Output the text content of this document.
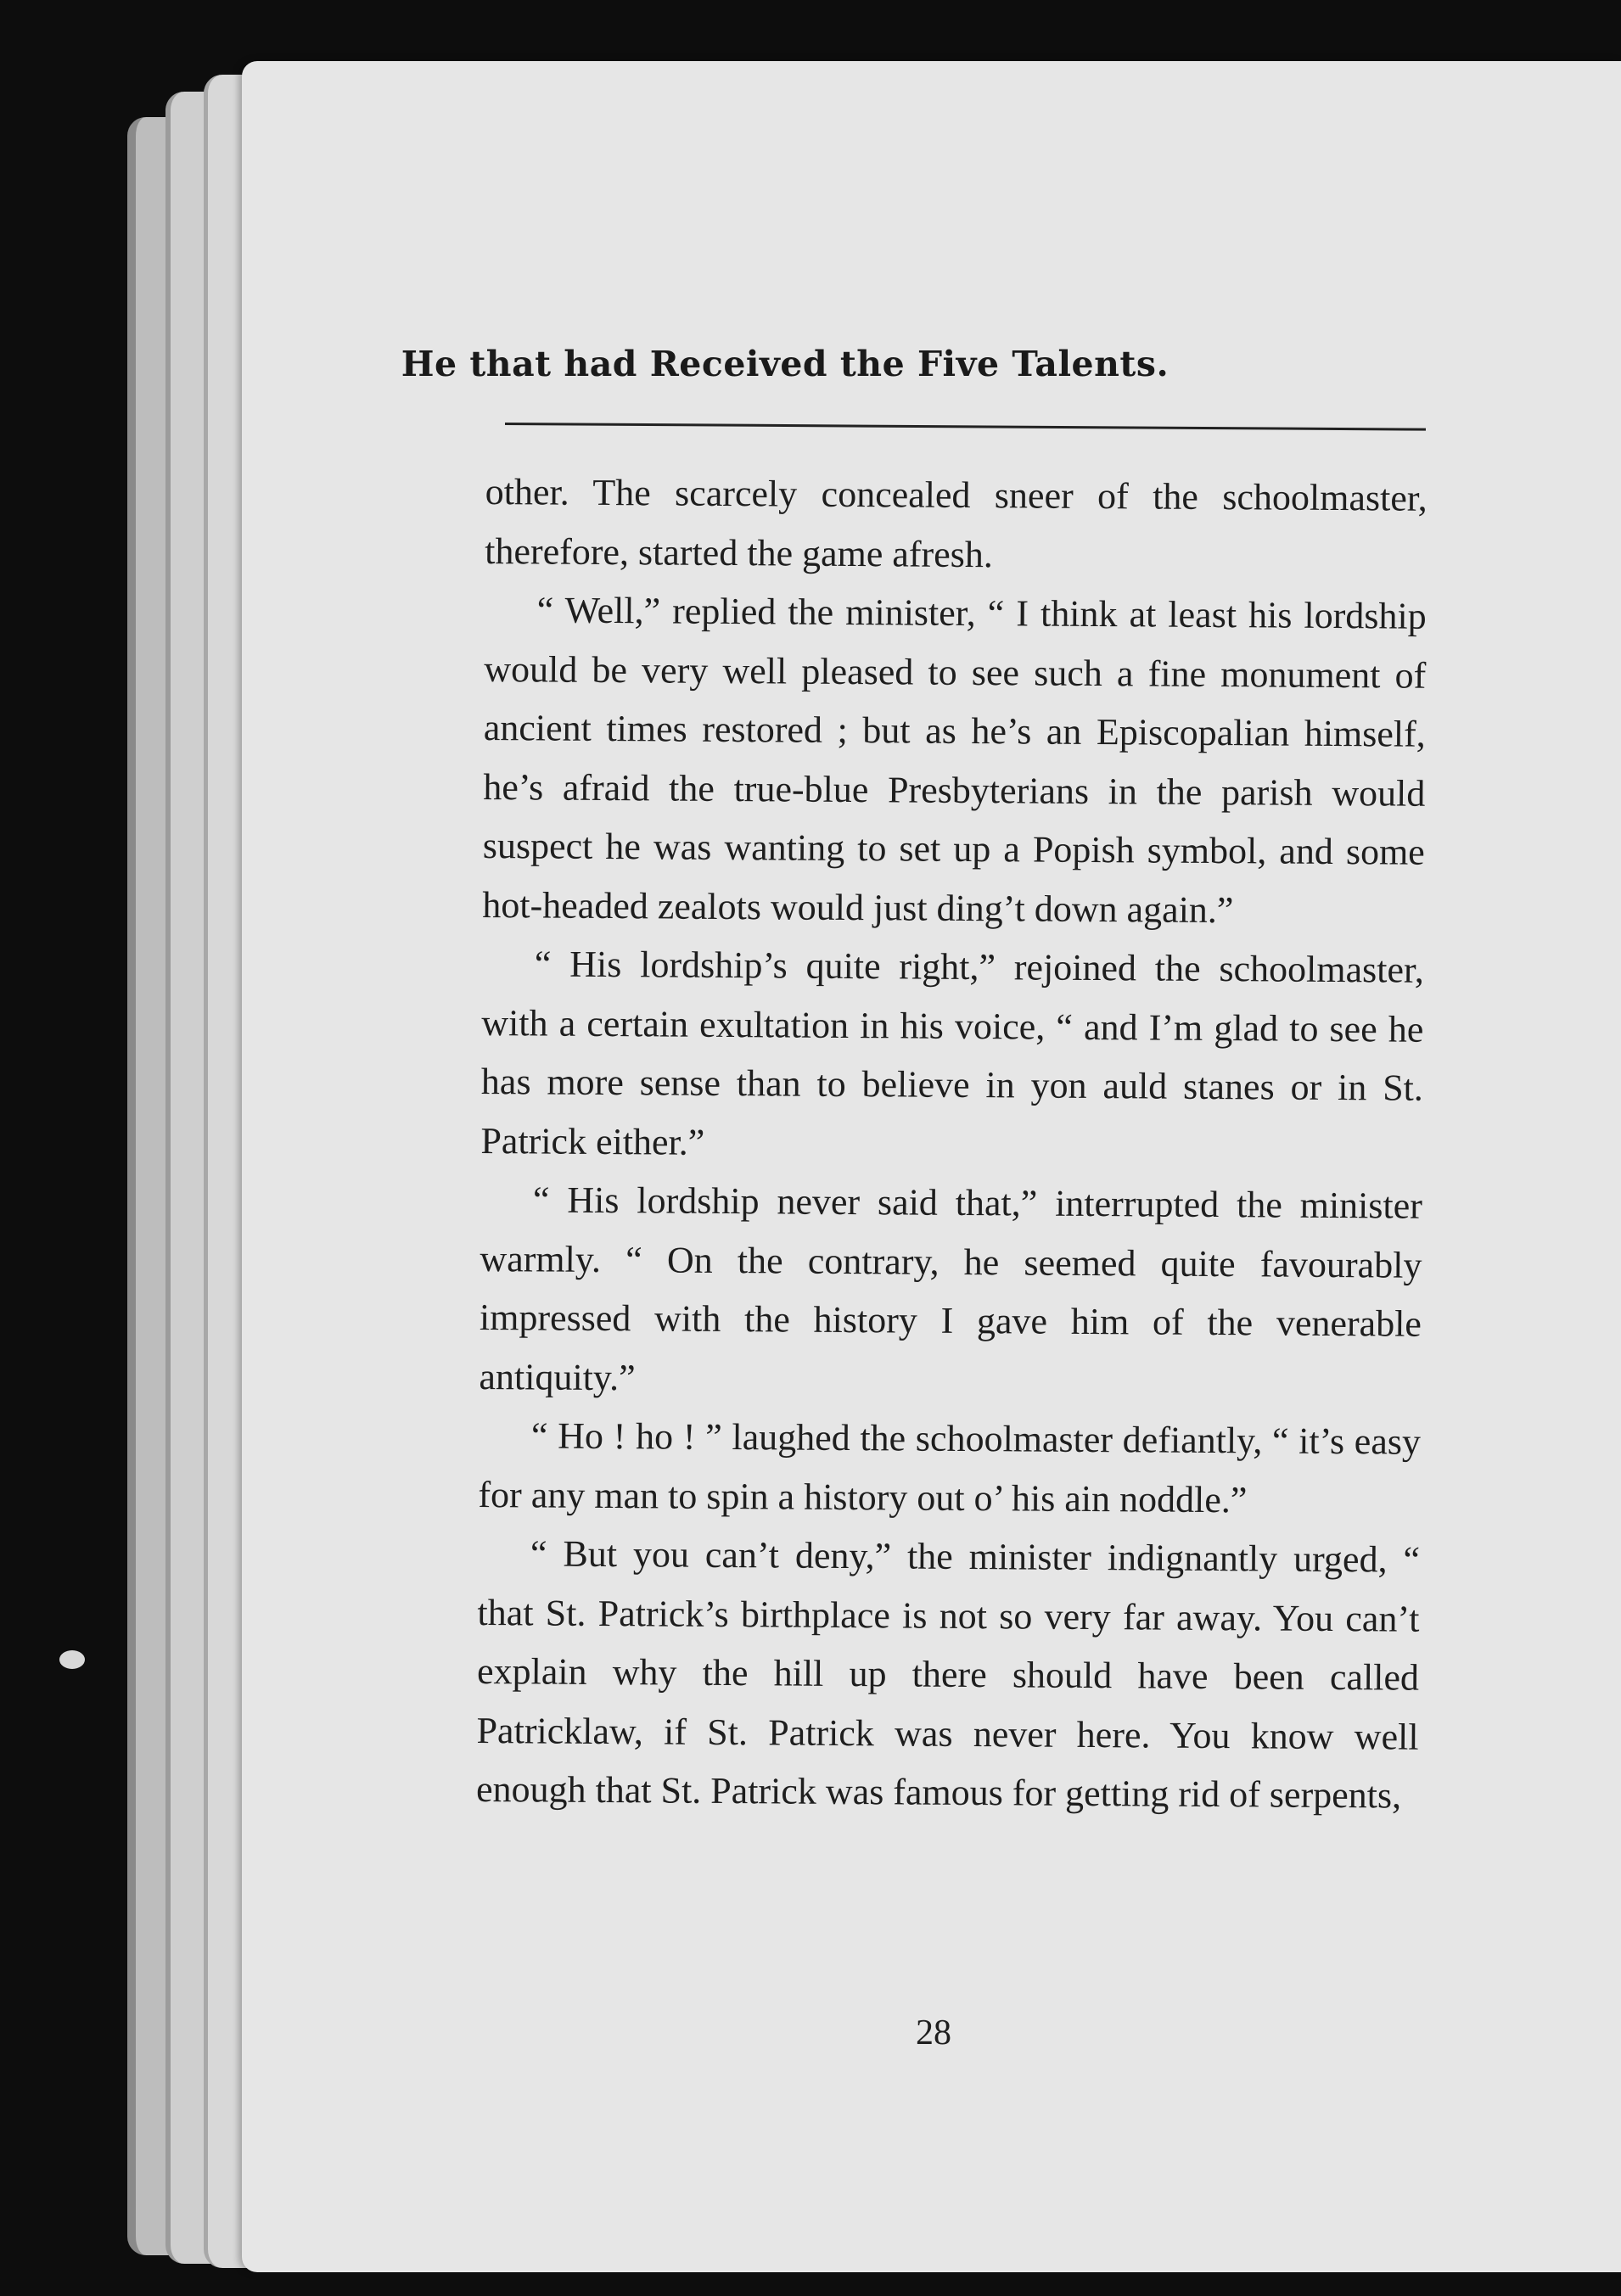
He that had Received the Five Talents.

other. The scarcely concealed sneer of the schoolmaster, therefore, started the game afresh.

“ Well,” replied the minister, “ I think at least his lordship would be very well pleased to see such a fine monument of ancient times restored ; but as he’s an Episcopalian himself, he’s afraid the true-blue Presbyterians in the parish would suspect he was wanting to set up a Popish symbol, and some hot-headed zealots would just ding’t down again.”

“ His lordship’s quite right,” rejoined the schoolmaster, with a certain exultation in his voice, “ and I’m glad to see he has more sense than to believe in yon auld stanes or in St. Patrick either.”

“ His lordship never said that,” interrupted the minister warmly. “ On the contrary, he seemed quite favourably impressed with the history I gave him of the venerable antiquity.”

“ Ho ! ho ! ” laughed the schoolmaster defiantly, “ it’s easy for any man to spin a history out o’ his ain noddle.”

“ But you can’t deny,” the minister indignantly urged, “ that St. Patrick’s birthplace is not so very far away. You can’t explain why the hill up there should have been called Patricklaw, if St. Patrick was never here. You know well enough that St. Patrick was famous for getting rid of serpents,

28
